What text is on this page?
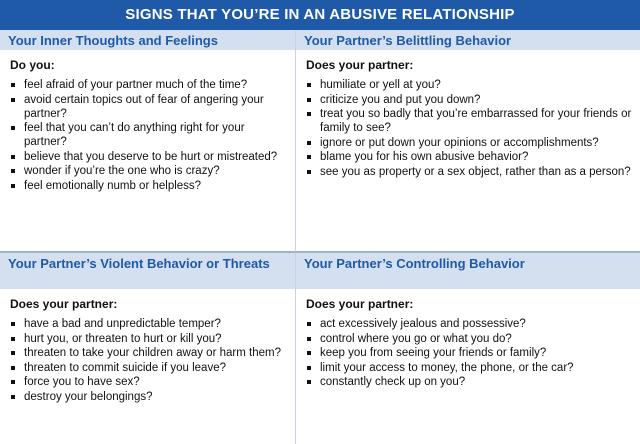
SIGNS THAT YOU’RE IN AN ABUSIVE RELATIONSHIP
Your Inner Thoughts and Feelings
Do you:
feel afraid of your partner much of the time?
avoid certain topics out of fear of angering your partner?
feel that you can’t do anything right for your partner?
believe that you deserve to be hurt or mistreated?
wonder if you’re the one who is crazy?
feel emotionally numb or helpless?
Your Partner’s Belittling Behavior
Does your partner:
humiliate or yell at you?
criticize you and put you down?
treat you so badly that you’re embarrassed for your friends or family to see?
ignore or put down your opinions or accomplishments?
blame you for his own abusive behavior?
see you as property or a sex object, rather than as a person?
Your Partner’s Violent Behavior or Threats
Does your partner:
have a bad and unpredictable temper?
hurt you, or threaten to hurt or kill you?
threaten to take your children away or harm them?
threaten to commit suicide if you leave?
force you to have sex?
destroy your belongings?
Your Partner’s Controlling Behavior
Does your partner:
act excessively jealous and possessive?
control where you go or what you do?
keep you from seeing your friends or family?
limit your access to money, the phone, or the car?
constantly check up on you?
